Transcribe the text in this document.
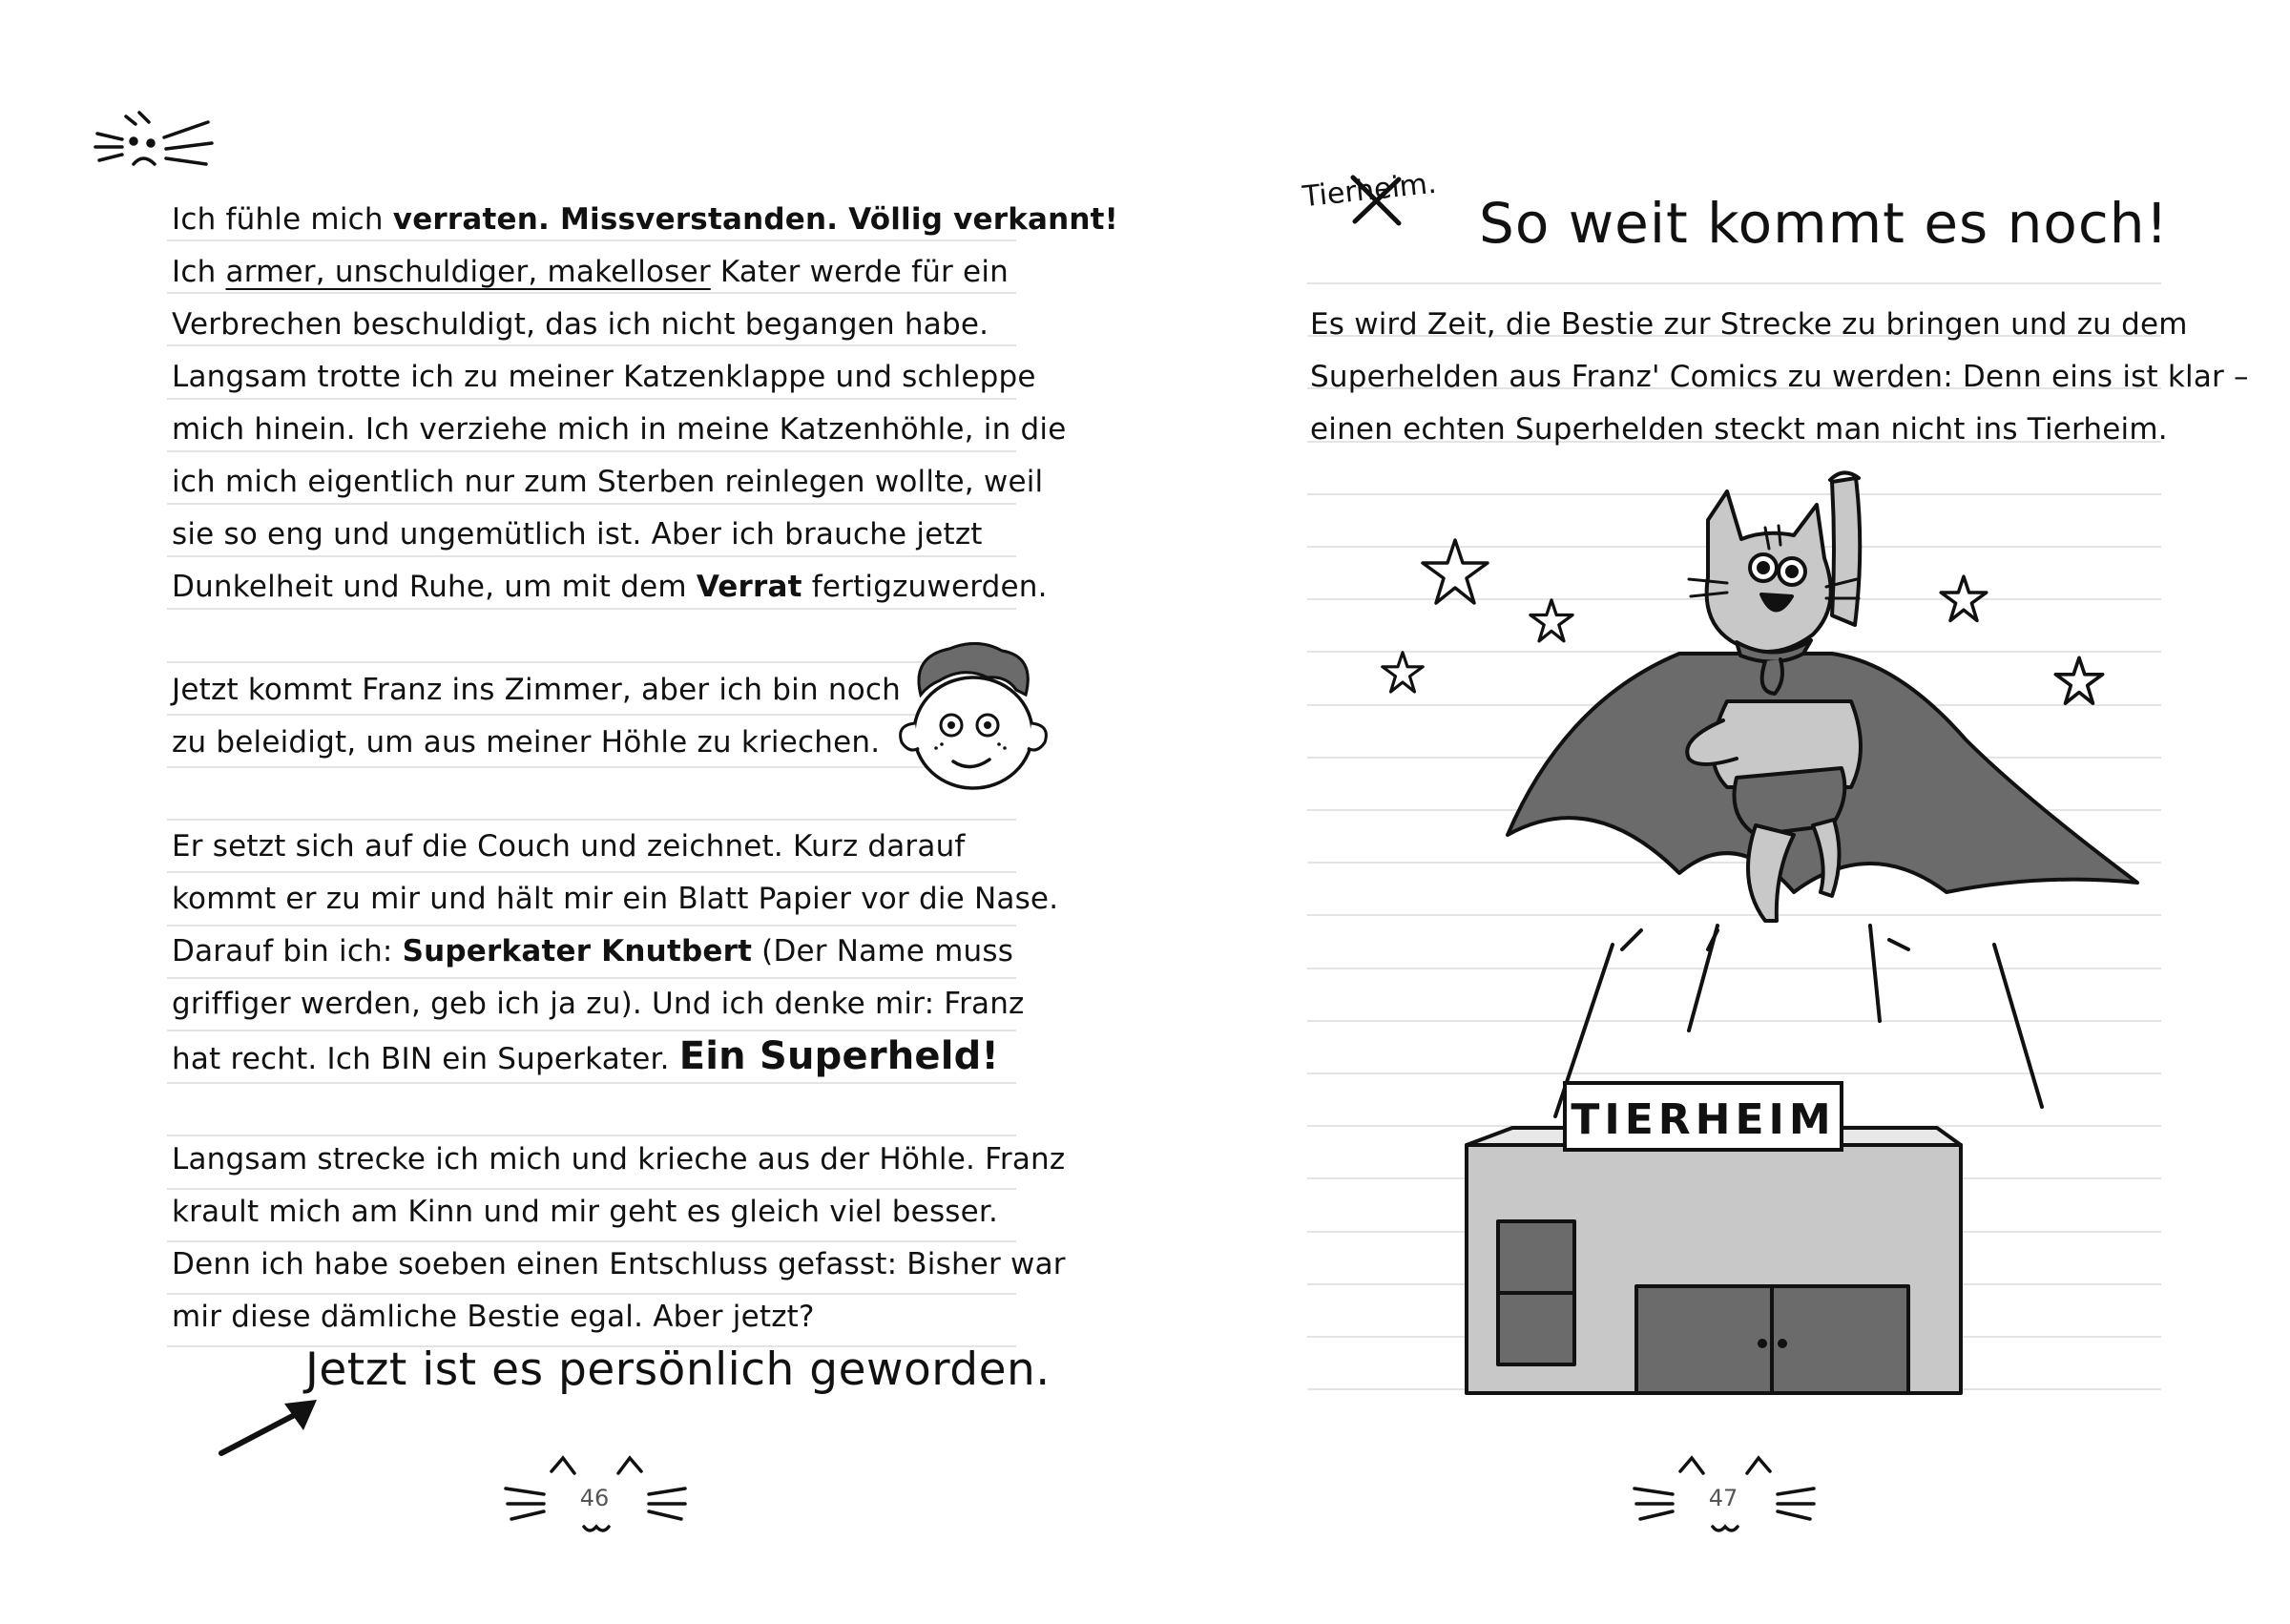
Ich fühle mich verraten. Missverstanden. Völlig verkannt!
Ich armer, unschuldiger, makelloser Kater werde für ein
Verbrechen beschuldigt, das ich nicht begangen habe.
Langsam trotte ich zu meiner Katzenklappe und schleppe
mich hinein. Ich verziehe mich in meine Katzenhöhle, in die
ich mich eigentlich nur zum Sterben reinlegen wollte, weil
sie so eng und ungemütlich ist. Aber ich brauche jetzt
Dunkelheit und Ruhe, um mit dem Verrat fertigzuwerden.
Jetzt kommt Franz ins Zimmer, aber ich bin noch
zu beleidigt, um aus meiner Höhle zu kriechen.
Er setzt sich auf die Couch und zeichnet. Kurz darauf
kommt er zu mir und hält mir ein Blatt Papier vor die Nase.
Darauf bin ich: Superkater Knutbert (Der Name muss
griffiger werden, geb ich ja zu). Und ich denke mir: Franz
hat recht. Ich BIN ein Superkater. Ein Superheld!
Langsam strecke ich mich und krieche aus der Höhle. Franz
krault mich am Kinn und mir geht es gleich viel besser.
Denn ich habe soeben einen Entschluss gefasst: Bisher war
mir diese dämliche Bestie egal. Aber jetzt?
Jetzt ist es persönlich geworden.
46
Tierheim.
So weit kommt es noch!
Es wird Zeit, die Bestie zur Strecke zu bringen und zu dem
Superhelden aus Franz' Comics zu werden: Denn eins ist klar –
einen echten Superhelden steckt man nicht ins Tierheim.
TIERHEIM
47
